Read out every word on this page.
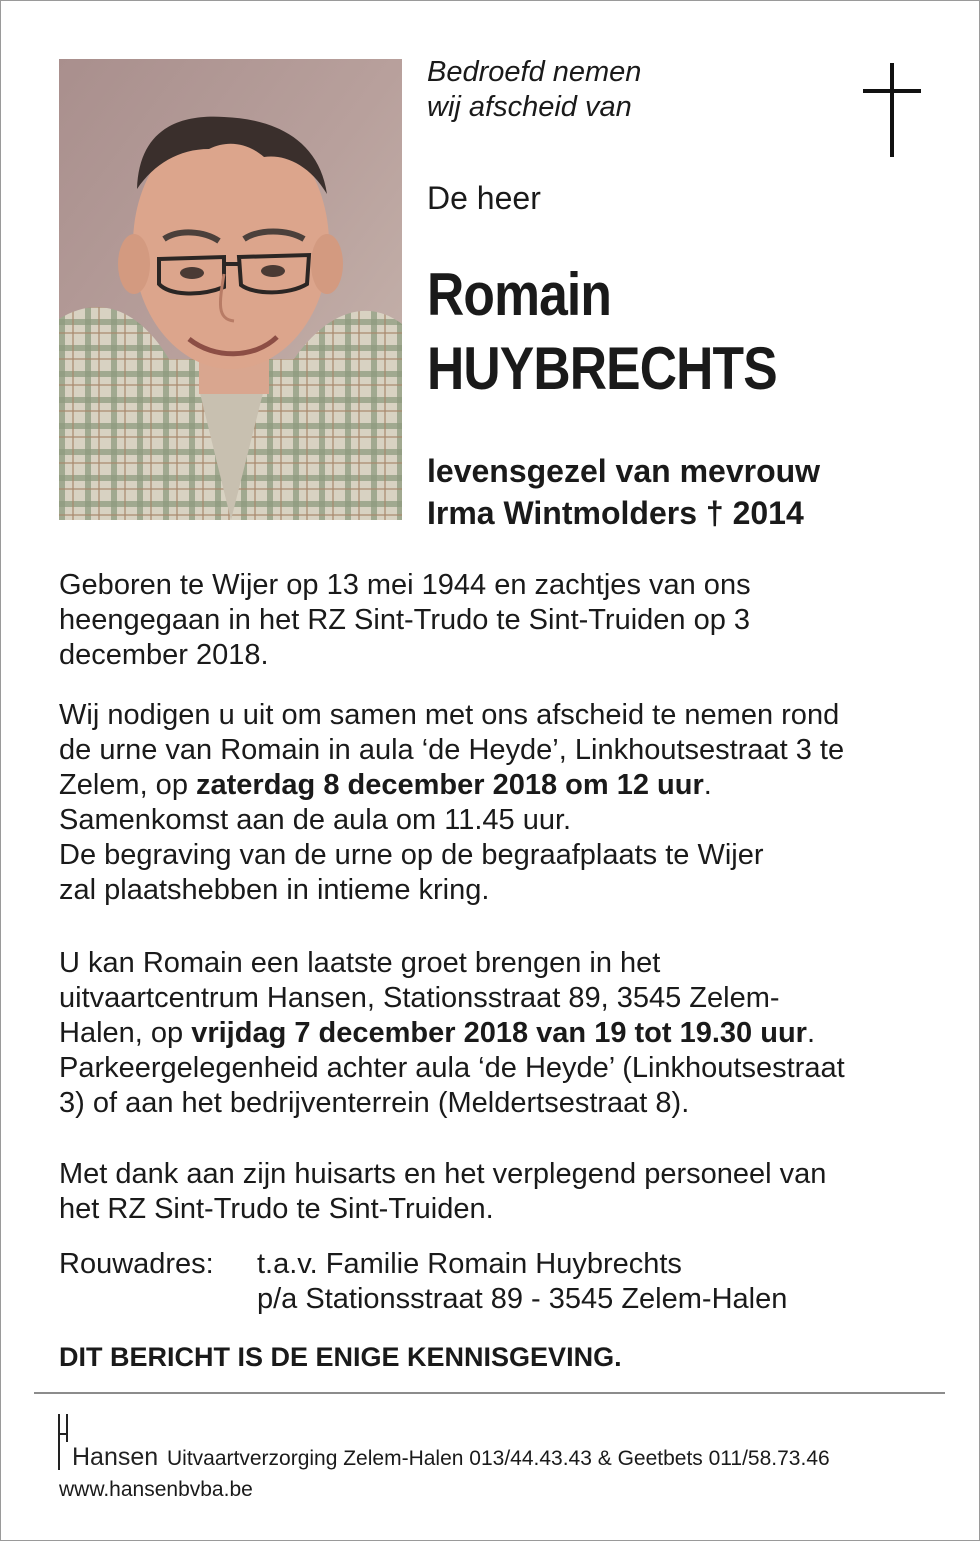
Bedroefd nemen
wij afscheid van
De heer
Romain
HUYBRECHTS
levensgezel van mevrouw
Irma Wintmolders † 2014
Geboren te Wijer op 13 mei 1944 en zachtjes van ons
heengegaan in het RZ Sint-Trudo te Sint-Truiden op 3
december 2018.
Wij nodigen u uit om samen met ons afscheid te nemen rond
de urne van Romain in aula ‘de Heyde’, Linkhoutsestraat 3 te
Zelem, op zaterdag 8 december 2018 om 12 uur.
Samenkomst aan de aula om 11.45 uur.
De begraving van de urne op de begraafplaats te Wijer
zal plaatshebben in intieme kring.
U kan Romain een laatste groet brengen in het
uitvaartcentrum Hansen, Stationsstraat 89, 3545 Zelem-
Halen, op vrijdag 7 december 2018 van 19 tot 19.30 uur.
Parkeergelegenheid achter aula ‘de Heyde’ (Linkhoutsestraat
3) of aan het bedrijventerrein (Meldertsestraat 8).
Met dank aan zijn huisarts en het verplegend personeel van
het RZ Sint-Trudo te Sint-Truiden.
Rouwadres: t.a.v. Familie Romain Huybrechts
p/a Stationsstraat 89 - 3545 Zelem-Halen
DIT BERICHT IS DE ENIGE KENNISGEVING.
Hansen Uitvaartverzorging Zelem-Halen 013/44.43.43 & Geetbets 011/58.73.46
www.hansenbvba.be
